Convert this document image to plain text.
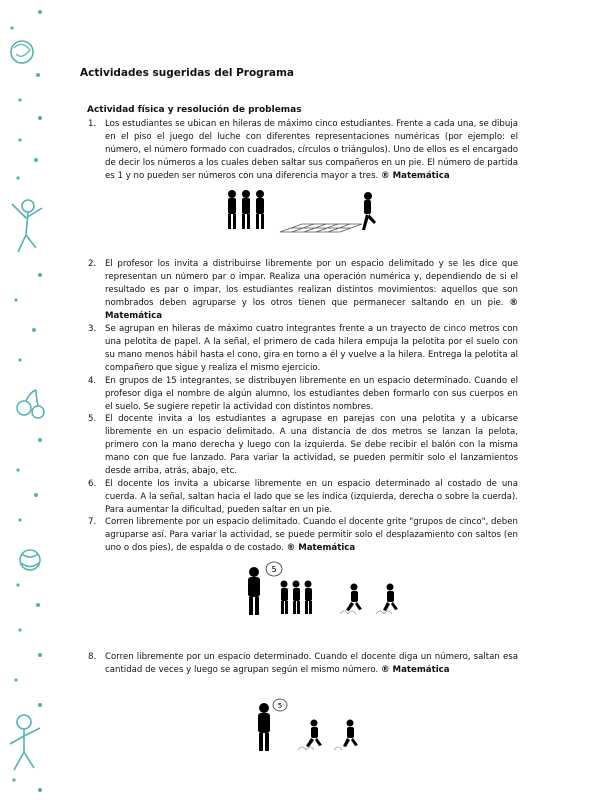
Actividades sugeridas del Programa
Actividad física y resolución de problemas
1.	Los estudiantes se ubican en hileras de máximo cinco estudiantes. Frente a cada una, se dibuja en el piso el juego del luche con diferentes representaciones numéricas (por ejemplo: el número, el número formado con cuadrados, círculos o triángulos). Uno de ellos es el encargado de decir los números a los cuales deben saltar sus compañeros en un pie. El número de partida es 1 y no pueden ser números con una diferencia mayor a tres. ® Matemática
· · · · ·
2.	El profesor los invita a distribuirse libremente por un espacio delimitado y se les dice que representan un número par o impar. Realiza una operación numérica y, dependiendo de si el resultado es par o impar, los estudiantes realizan distintos movimientos: aquellos que son nombrados deben agruparse y los otros tienen que permanecer saltando en un pie. ® Matemática
3.	Se agrupan en hileras de máximo cuatro integrantes frente a un trayecto de cinco metros con una pelotita de papel. A la señal, el primero de cada hilera empuja la pelotita por el suelo con su mano menos hábil hasta el cono, gira en torno a él y vuelve a la hilera. Entrega la pelotita al compañero que sigue y realiza el mismo ejercicio.
4.	En grupos de 15 integrantes, se distribuyen libremente en un espacio determinado. Cuando el profesor diga el nombre de algún alumno, los estudiantes deben formarlo con sus cuerpos en el suelo. Se sugiere repetir la actividad con distintos nombres.
5.	El docente invita a los estudiantes a agrupase en parejas con una pelotita y a ubicarse libremente en un espacio delimitado. A una distancia de dos metros se lanzan la pelota, primero con la mano derecha y luego con la izquierda. Se debe recibir el balón con la misma mano con que fue lanzado. Para variar la actividad, se pueden permitir solo el lanzamientos desde arriba, atrás, abajo, etc.
6.	El docente los invita a ubicarse libremente en un espacio determinado al costado de una cuerda. A la señal, saltan hacia el lado que se les indica (izquierda, derecha o sobre la cuerda). Para aumentar la dificultad, pueden saltar en un pie.
7.	Corren libremente por un espacio delimitado. Cuando el docente grite "grupos de cinco", deben agruparse así. Para variar la actividad, se puede permitir solo el desplazamiento con saltos (en uno o dos pies), de espalda o de costado. ® Matemática
5
8.	Corren libremente por un espacio determinado. Cuando el docente diga un número, saltan esa cantidad de veces y luego se agrupan según el mismo número. ® Matemática
5
